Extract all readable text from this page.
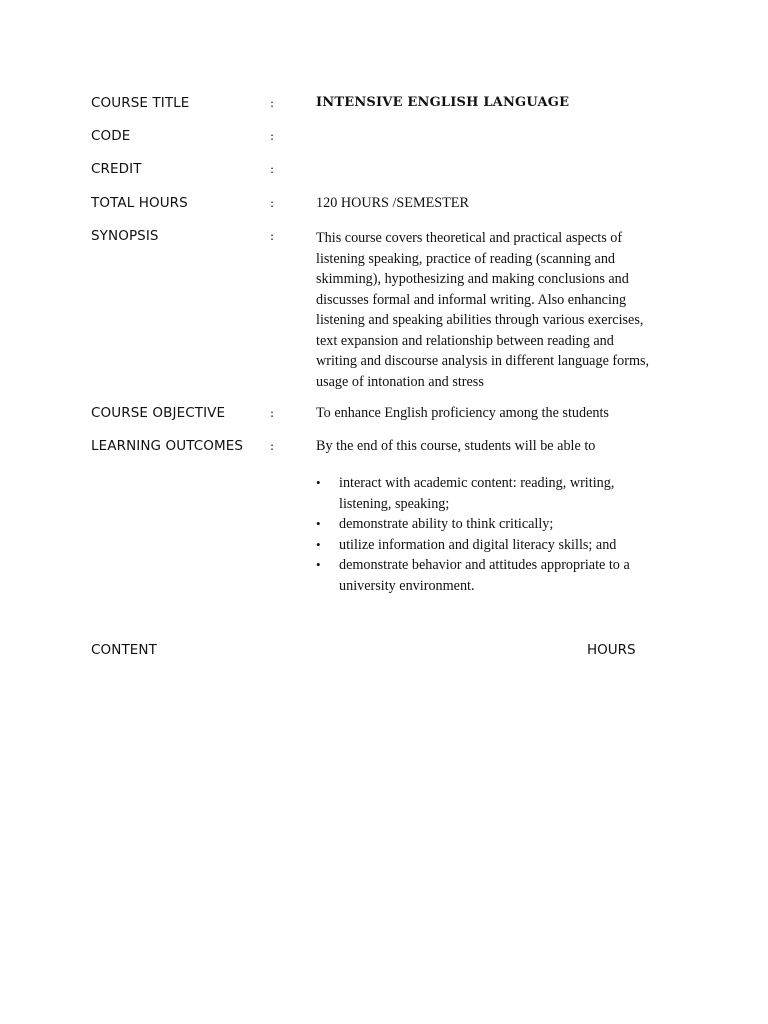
COURSE TITLE	:	INTENSIVE ENGLISH LANGUAGE
CODE	:
CREDIT	:
TOTAL HOURS	:	120 HOURS /SEMESTER
SYNOPSIS	:	This course covers theoretical and practical aspects of
listening speaking, practice of reading (scanning and
skimming), hypothesizing and making conclusions and
discusses formal and informal writing. Also enhancing
listening and speaking abilities through various exercises,
text expansion and relationship between reading and
writing and discourse analysis in different language forms,
usage of intonation and stress
COURSE OBJECTIVE	:	To enhance English proficiency among the students
LEARNING OUTCOMES :	By the end of this course, students will be able to
• interact with academic content: reading, writing,
listening, speaking;
• demonstrate ability to think critically;
• utilize information and digital literacy skills; and
• demonstrate behavior and attitudes appropriate to a
university environment.
CONTENT	HOURS
